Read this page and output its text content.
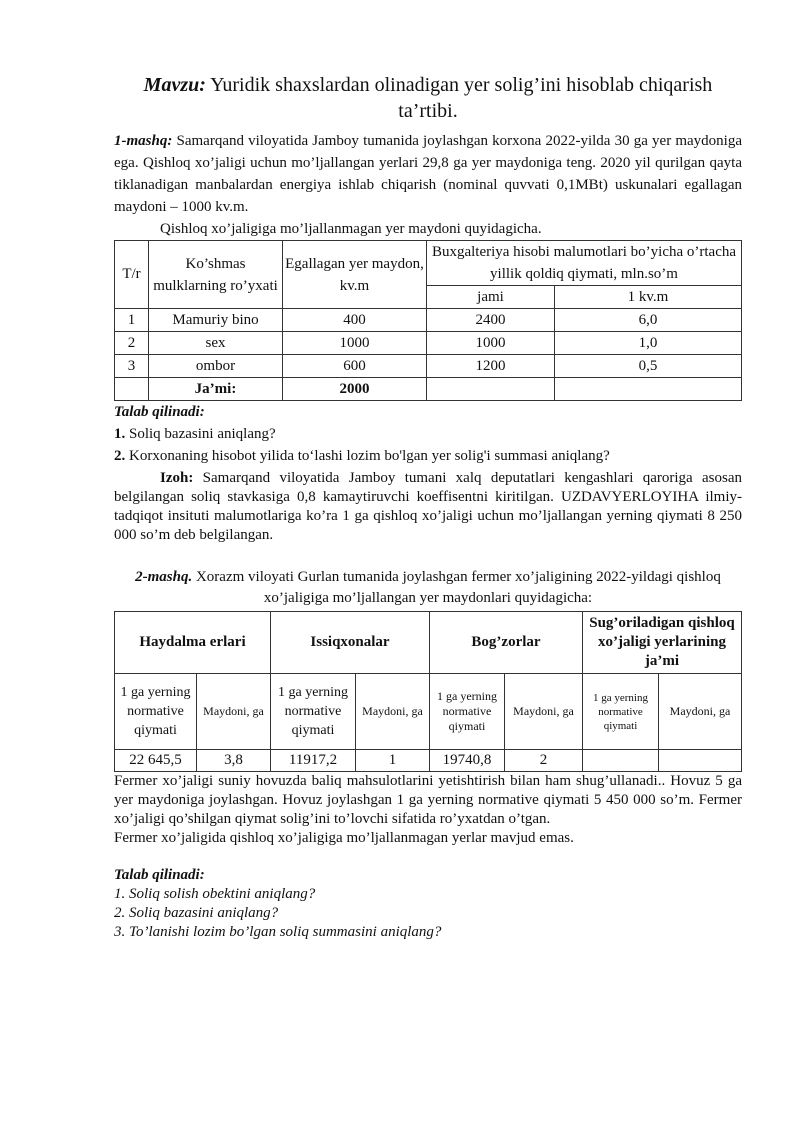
Mavzu: Yuridik shaxslardan olinadigan yer solig’ini hisoblab chiqarish ta’rtibi.

1-mashq: Samarqand viloyatida Jamboy tumanida joylashgan korxona 2022-yilda 30 ga yer maydoniga ega. Qishloq xo’jaligi uchun mo’ljallangan yerlari 29,8 ga yer maydoniga teng. 2020 yil qurilgan qayta tiklanadigan manbalardan energiya ishlab chiqarish (nominal quvvati 0,1MBt) uskunalari egallagan maydoni – 1000 kv.m.

Qishloq xo’jaligiga mo’ljallanmagan yer maydoni quyidagicha.

T/r	Ko’shmas mulklarning ro’yxati	Egallagan yer maydon, kv.m	Buxgalteriya hisobi malumotlari bo’yicha o’rtacha yillik qoldiq qiymati, mln.so’m	
			jami	1 kv.m
1	Mamuriy bino	400	2400	6,0
2	sex	1000	1000	1,0
3	ombor	600	1200	0,5
	Ja’mi:	2000		

Talab qilinadi:

1. Soliq bazasini aniqlang?

2. Korxonaning hisobot yilida to‘lashi lozim bo'lgan yer solig'i summasi aniqlang?

Izoh: Samarqand viloyatida Jamboy tumani xalq deputatlari kengashlari qaroriga asosan belgilangan soliq stavkasiga 0,8 kamaytiruvchi koeffisentni kiritilgan. UZDAVYERLOYIHA ilmiy-tadqiqot insituti malumotlariga ko’ra 1 ga qishloq xo’jaligi uchun mo’ljallangan yerning qiymati 8 250 000 so’m deb belgilangan.

2-mashq. Xorazm viloyati Gurlan tumanida joylashgan fermer xo’jaligining 2022-yildagi qishloq xo’jaligiga mo’ljallangan yer maydonlari quyidagicha:

Haydalma erlari		Issiqxonalar		Bog’zorlar		Sug’oriladigan qishloq xo’jaligi yerlarining ja’mi	
1 ga yerning normative qiymati	Maydoni, ga	1 ga yerning normative qiymati	Maydoni, ga	1 ga yerning normative qiymati	Maydoni, ga	1 ga yerning normative qiymati	Maydoni, ga
22 645,5	3,8	11917,2	1	19740,8	2		

Fermer xo’jaligi suniy hovuzda baliq mahsulotlarini yetishtirish bilan ham shug’ullanadi.. Hovuz 5 ga yer maydoniga joylashgan. Hovuz joylashgan 1 ga yerning normative qiymati 5 450 000 so’m. Fermer xo’jaligi qo’shilgan qiymat solig’ini to’lovchi sifatida ro’yxatdan o’tgan.

Fermer xo’jaligida qishloq xo’jaligiga mo’ljallanmagan yerlar mavjud emas.

Talab qilinadi:

1. Soliq solish obektini aniqlang?

2. Soliq bazasini aniqlang?

3. To’lanishi lozim bo’lgan soliq summasini aniqlang?
